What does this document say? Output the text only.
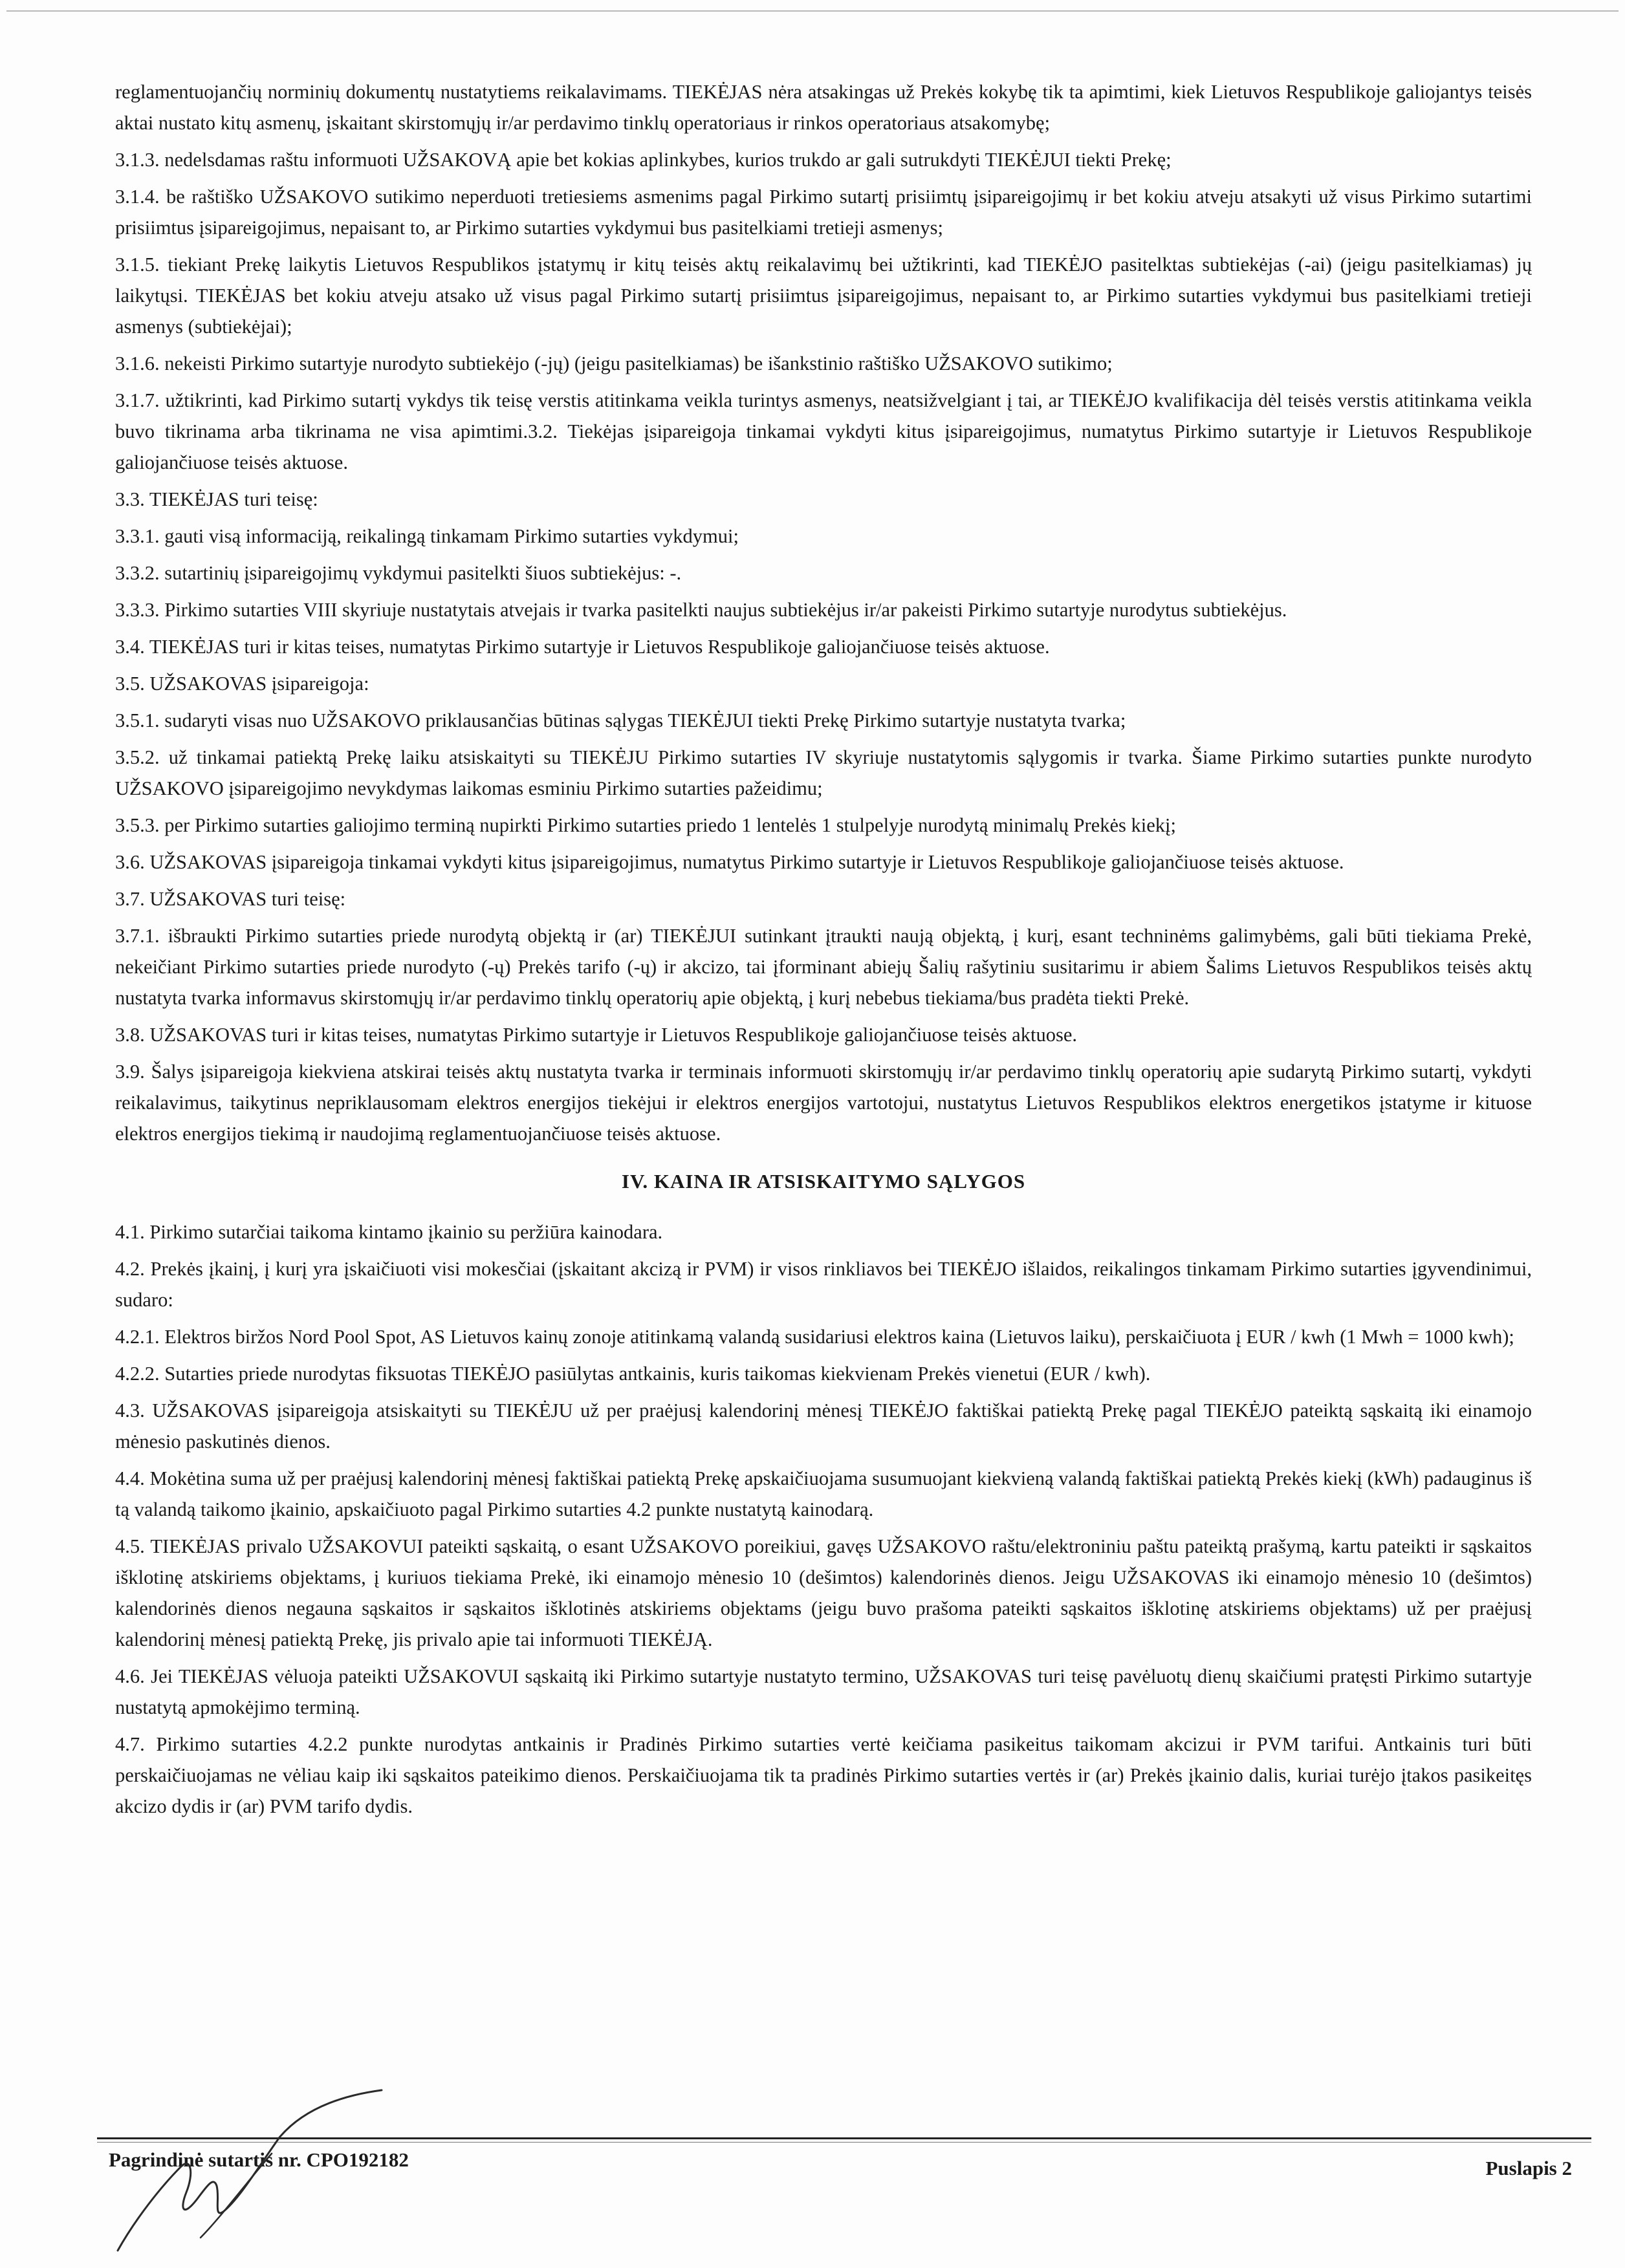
reglamentuojančių norminių dokumentų nustatytiems reikalavimams. TIEKĖJAS nėra atsakingas už Prekės kokybę tik ta apimtimi, kiek Lietuvos Respublikoje galiojantys teisės aktai nustato kitų asmenų, įskaitant skirstomųjų ir/ar perdavimo tinklų operatoriaus ir rinkos operatoriaus atsakomybę;

3.1.3. nedelsdamas raštu informuoti UŽSAKOVĄ apie bet kokias aplinkybes, kurios trukdo ar gali sutrukdyti TIEKĖJUI tiekti Prekę;

3.1.4. be raštiško UŽSAKOVO sutikimo neperduoti tretiesiems asmenims pagal Pirkimo sutartį prisiimtų įsipareigojimų ir bet kokiu atveju atsakyti už visus Pirkimo sutartimi prisiimtus įsipareigojimus, nepaisant to, ar Pirkimo sutarties vykdymui bus pasitelkiami tretieji asmenys;

3.1.5. tiekiant Prekę laikytis Lietuvos Respublikos įstatymų ir kitų teisės aktų reikalavimų bei užtikrinti, kad TIEKĖJO pasitelktas subtiekėjas (-ai) (jeigu pasitelkiamas) jų laikytųsi. TIEKĖJAS bet kokiu atveju atsako už visus pagal Pirkimo sutartį prisiimtus įsipareigojimus, nepaisant to, ar Pirkimo sutarties vykdymui bus pasitelkiami tretieji asmenys (subtiekėjai);

3.1.6. nekeisti Pirkimo sutartyje nurodyto subtiekėjo (-jų) (jeigu pasitelkiamas) be išankstinio raštiško UŽSAKOVO sutikimo;

3.1.7. užtikrinti, kad Pirkimo sutartį vykdys tik teisę verstis atitinkama veikla turintys asmenys, neatsižvelgiant į tai, ar TIEKĖJO kvalifikacija dėl teisės verstis atitinkama veikla buvo tikrinama arba tikrinama ne visa apimtimi.3.2. Tiekėjas įsipareigoja tinkamai vykdyti kitus įsipareigojimus, numatytus Pirkimo sutartyje ir Lietuvos Respublikoje galiojančiuose teisės aktuose.

3.3. TIEKĖJAS turi teisę:

3.3.1. gauti visą informaciją, reikalingą tinkamam Pirkimo sutarties vykdymui;

3.3.2. sutartinių įsipareigojimų vykdymui pasitelkti šiuos subtiekėjus: -.

3.3.3. Pirkimo sutarties VIII skyriuje nustatytais atvejais ir tvarka pasitelkti naujus subtiekėjus ir/ar pakeisti Pirkimo sutartyje nurodytus subtiekėjus.

3.4. TIEKĖJAS turi ir kitas teises, numatytas Pirkimo sutartyje ir Lietuvos Respublikoje galiojančiuose teisės aktuose.

3.5. UŽSAKOVAS įsipareigoja:

3.5.1. sudaryti visas nuo UŽSAKOVO priklausančias būtinas sąlygas TIEKĖJUI tiekti Prekę Pirkimo sutartyje nustatyta tvarka;

3.5.2. už tinkamai patiektą Prekę laiku atsiskaityti su TIEKĖJU Pirkimo sutarties IV skyriuje nustatytomis sąlygomis ir tvarka. Šiame Pirkimo sutarties punkte nurodyto UŽSAKOVO įsipareigojimo nevykdymas laikomas esminiu Pirkimo sutarties pažeidimu;

3.5.3. per Pirkimo sutarties galiojimo terminą nupirkti Pirkimo sutarties priedo 1 lentelės 1 stulpelyje nurodytą minimalų Prekės kiekį;

3.6. UŽSAKOVAS įsipareigoja tinkamai vykdyti kitus įsipareigojimus, numatytus Pirkimo sutartyje ir Lietuvos Respublikoje galiojančiuose teisės aktuose.

3.7. UŽSAKOVAS turi teisę:

3.7.1. išbraukti Pirkimo sutarties priede nurodytą objektą ir (ar) TIEKĖJUI sutinkant įtraukti naują objektą, į kurį, esant techninėms galimybėms, gali būti tiekiama Prekė, nekeičiant Pirkimo sutarties priede nurodyto (-ų) Prekės tarifo (-ų) ir akcizo, tai įforminant abiejų Šalių rašytiniu susitarimu ir abiem Šalims Lietuvos Respublikos teisės aktų nustatyta tvarka informavus skirstomųjų ir/ar perdavimo tinklų operatorių apie objektą, į kurį nebebus tiekiama/bus pradėta tiekti Prekė.

3.8. UŽSAKOVAS turi ir kitas teises, numatytas Pirkimo sutartyje ir Lietuvos Respublikoje galiojančiuose teisės aktuose.

3.9. Šalys įsipareigoja kiekviena atskirai teisės aktų nustatyta tvarka ir terminais informuoti skirstomųjų ir/ar perdavimo tinklų operatorių apie sudarytą Pirkimo sutartį, vykdyti reikalavimus, taikytinus nepriklausomam elektros energijos tiekėjui ir elektros energijos vartotojui, nustatytus Lietuvos Respublikos elektros energetikos įstatyme ir kituose elektros energijos tiekimą ir naudojimą reglamentuojančiuose teisės aktuose.

IV. KAINA IR ATSISKAITYMO SĄLYGOS

4.1. Pirkimo sutarčiai taikoma kintamo įkainio su peržiūra kainodara.

4.2. Prekės įkainį, į kurį yra įskaičiuoti visi mokesčiai (įskaitant akcizą ir PVM) ir visos rinkliavos bei TIEKĖJO išlaidos, reikalingos tinkamam Pirkimo sutarties įgyvendinimui, sudaro:

4.2.1. Elektros biržos Nord Pool Spot, AS Lietuvos kainų zonoje atitinkamą valandą susidariusi elektros kaina (Lietuvos laiku), perskaičiuota į EUR / kwh (1 Mwh = 1000 kwh);

4.2.2. Sutarties priede nurodytas fiksuotas TIEKĖJO pasiūlytas antkainis, kuris taikomas kiekvienam Prekės vienetui (EUR / kwh).

4.3. UŽSAKOVAS įsipareigoja atsiskaityti su TIEKĖJU už per praėjusį kalendorinį mėnesį TIEKĖJO faktiškai patiektą Prekę pagal TIEKĖJO pateiktą sąskaitą iki einamojo mėnesio paskutinės dienos.

4.4. Mokėtina suma už per praėjusį kalendorinį mėnesį faktiškai patiektą Prekę apskaičiuojama susumuojant kiekvieną valandą faktiškai patiektą Prekės kiekį (kWh) padauginus iš tą valandą taikomo įkainio, apskaičiuoto pagal Pirkimo sutarties 4.2 punkte nustatytą kainodarą.

4.5. TIEKĖJAS privalo UŽSAKOVUI pateikti sąskaitą, o esant UŽSAKOVO poreikiui, gavęs UŽSAKOVO raštu/elektroniniu paštu pateiktą prašymą, kartu pateikti ir sąskaitos išklotinę atskiriems objektams, į kuriuos tiekiama Prekė, iki einamojo mėnesio 10 (dešimtos) kalendorinės dienos. Jeigu UŽSAKOVAS iki einamojo mėnesio 10 (dešimtos) kalendorinės dienos negauna sąskaitos ir sąskaitos išklotinės atskiriems objektams (jeigu buvo prašoma pateikti sąskaitos išklotinę atskiriems objektams) už per praėjusį kalendorinį mėnesį patiektą Prekę, jis privalo apie tai informuoti TIEKĖJĄ.

4.6. Jei TIEKĖJAS vėluoja pateikti UŽSAKOVUI sąskaitą iki Pirkimo sutartyje nustatyto termino, UŽSAKOVAS turi teisę pavėluotų dienų skaičiumi pratęsti Pirkimo sutartyje nustatytą apmokėjimo terminą.

4.7. Pirkimo sutarties 4.2.2 punkte nurodytas antkainis ir Pradinės Pirkimo sutarties vertė keičiama pasikeitus taikomam akcizui ir PVM tarifui. Antkainis turi būti perskaičiuojamas ne vėliau kaip iki sąskaitos pateikimo dienos. Perskaičiuojama tik ta pradinės Pirkimo sutarties vertės ir (ar) Prekės įkainio dalis, kuriai turėjo įtakos pasikeitęs akcizo dydis ir (ar) PVM tarifo dydis.

Pagrindinė sutartis nr. CPO192182	Puslapis 2
